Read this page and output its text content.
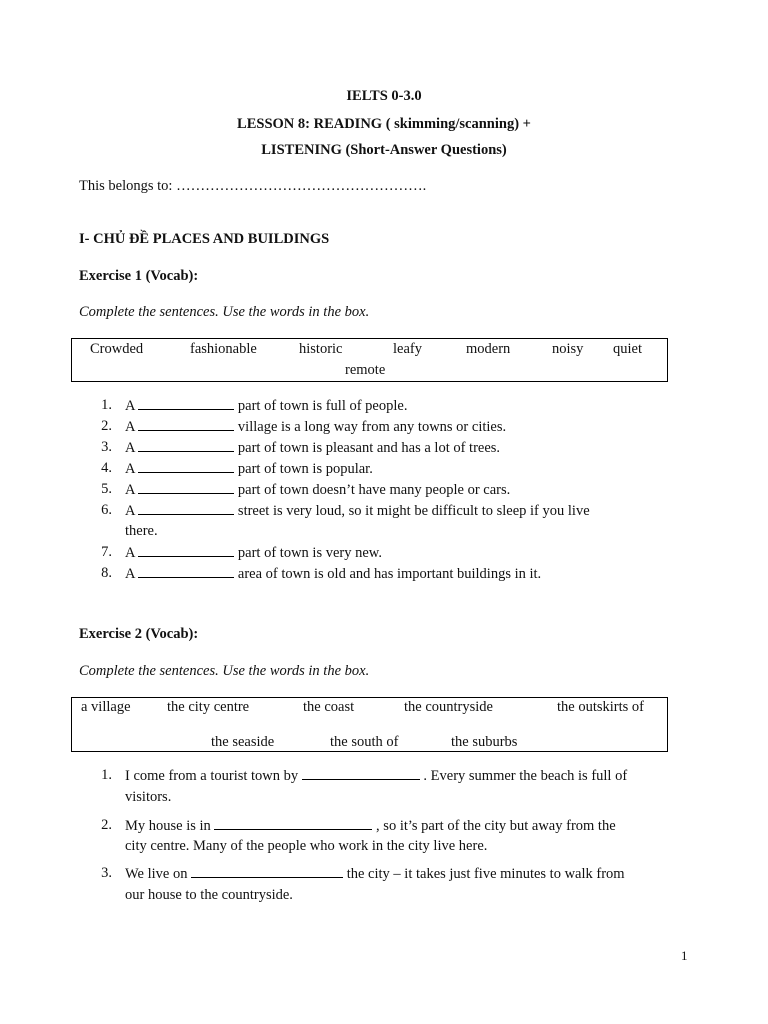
IELTS 0-3.0
LESSON 8: READING ( skimming/scanning) +
LISTENING (Short-Answer Questions)
This belongs to: …………………………………………….
I- CHỦ ĐỀ PLACES AND BUILDINGS
Exercise 1 (Vocab):
Complete the sentences. Use the words in the box.
Crowded	fashionable	historic	leafy	modern	noisy quiet
remote
1. A	part of town is full of people.
2. A	village is a long way from any towns or cities.
3. A	part of town is pleasant and has a lot of trees.
4. A	part of town is popular.
5. A	part of town doesn’t have many people or cars.
6. A	street is very loud, so it might be difficult to sleep if you live
there.
7. A	part of town is very new.
8. A	area of town is old and has important buildings in it.
Exercise 2 (Vocab):
Complete the sentences. Use the words in the box.
a village	the city centre	the coast	the countryside	the outskirts of
the seaside	the south of	the suburbs
1. I come from a tourist town by	. Every summer the beach is full of
visitors.
2. My house is in	, so it’s part of the city but away from the
city centre. Many of the people who work in the city live here.
3. We live on	the city – it takes just five minutes to walk from
our house to the countryside.
1
